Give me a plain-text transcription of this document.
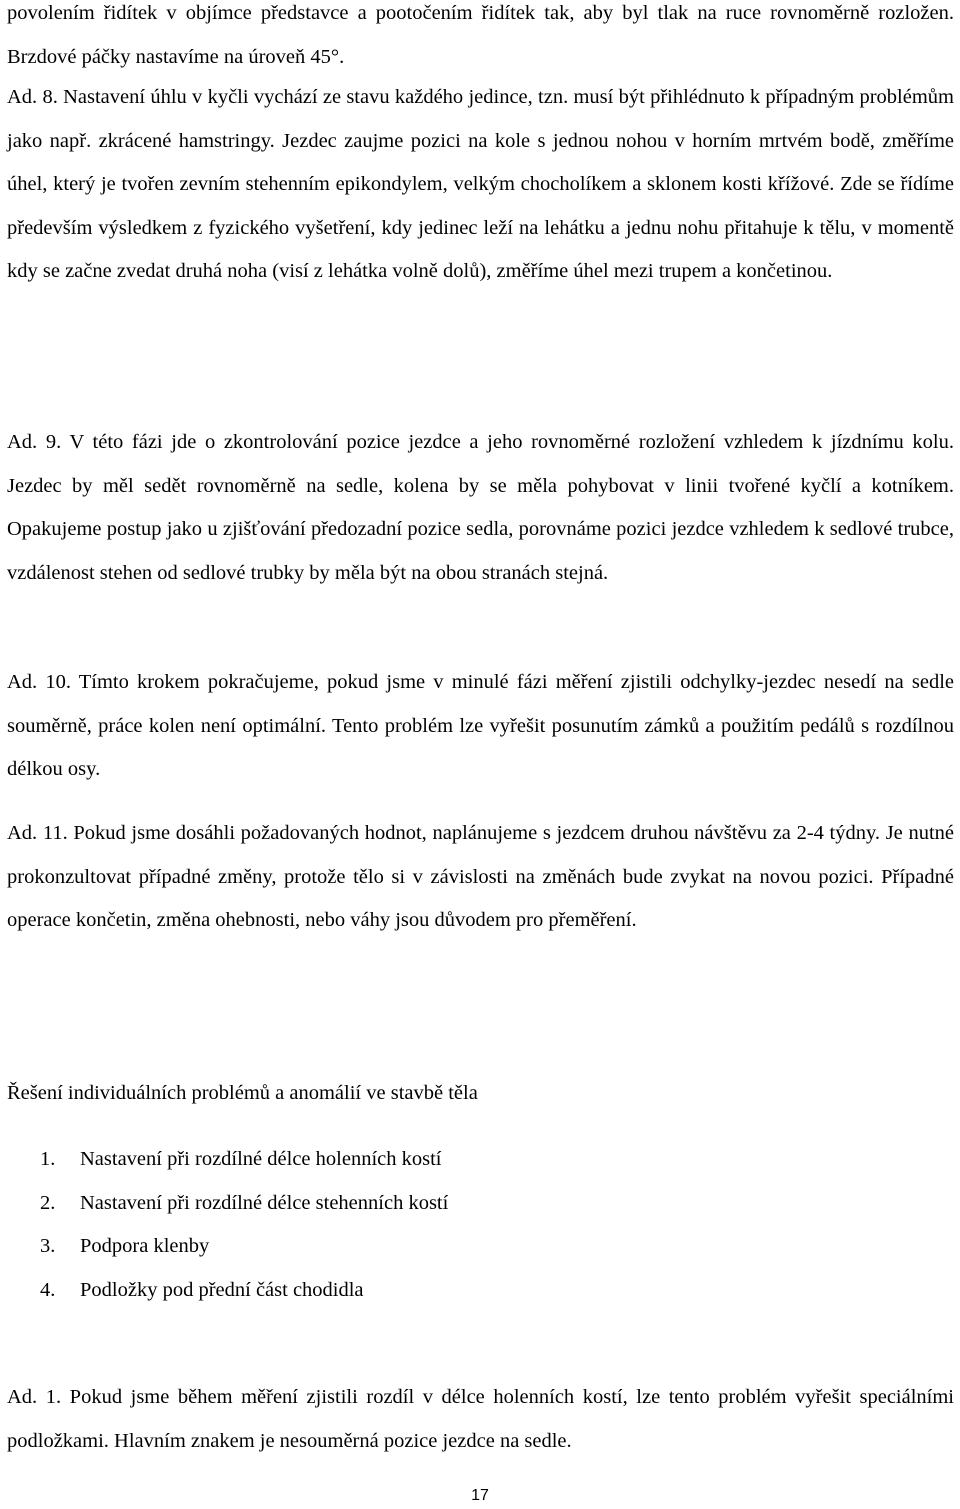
povolením řidítek v objímce představce a pootočením řidítek tak, aby byl tlak na ruce rovnoměrně rozložen. Brzdové páčky nastavíme na úroveň 45°.

Ad. 8. Nastavení úhlu v kyčli vychází ze stavu každého jedince, tzn. musí být přihlédnuto k případným problémům jako např. zkrácené hamstringy. Jezdec zaujme pozici na kole s jednou nohou v horním mrtvém bodě, změříme úhel, který je tvořen zevním stehenním epikondylem, velkým chocholíkem a sklonem kosti křížové. Zde se řídíme především výsledkem z fyzického vyšetření, kdy jedinec leží na lehátku a jednu nohu přitahuje k tělu, v momentě kdy se začne zvedat druhá noha (visí z lehátka volně dolů), změříme úhel mezi trupem a končetinou.

Ad. 9. V této fázi jde o zkontrolování pozice jezdce a jeho rovnoměrné rozložení vzhledem k jízdnímu kolu. Jezdec by měl sedět rovnoměrně na sedle, kolena by se měla pohybovat v linii tvořené kyčlí a kotníkem. Opakujeme postup jako u zjišťování předozadní pozice sedla, porovnáme pozici jezdce vzhledem k sedlové trubce, vzdálenost stehen od sedlové trubky by měla být na obou stranách stejná.

Ad. 10. Tímto krokem pokračujeme, pokud jsme v minulé fázi měření zjistili odchylky-jezdec nesedí na sedle souměrně, práce kolen není optimální. Tento problém lze vyřešit posunutím zámků a použitím pedálů s rozdílnou délkou osy.

Ad. 11. Pokud jsme dosáhli požadovaných hodnot, naplánujeme s jezdcem druhou návštěvu za 2-4 týdny. Je nutné prokonzultovat případné změny, protože tělo si v závislosti na změnách bude zvykat na novou pozici. Případné operace končetin, změna ohebnosti, nebo váhy jsou důvodem pro přeměření.

Řešení individuálních problémů a anomálií ve stavbě těla

1. Nastavení při rozdílné délce holenních kostí
2. Nastavení při rozdílné délce stehenních kostí
3. Podpora klenby
4. Podložky pod přední část chodidla

Ad. 1. Pokud jsme během měření zjistili rozdíl v délce holenních kostí, lze tento problém vyřešit speciálními podložkami. Hlavním znakem je nesouměrná pozice jezdce na sedle.

17
